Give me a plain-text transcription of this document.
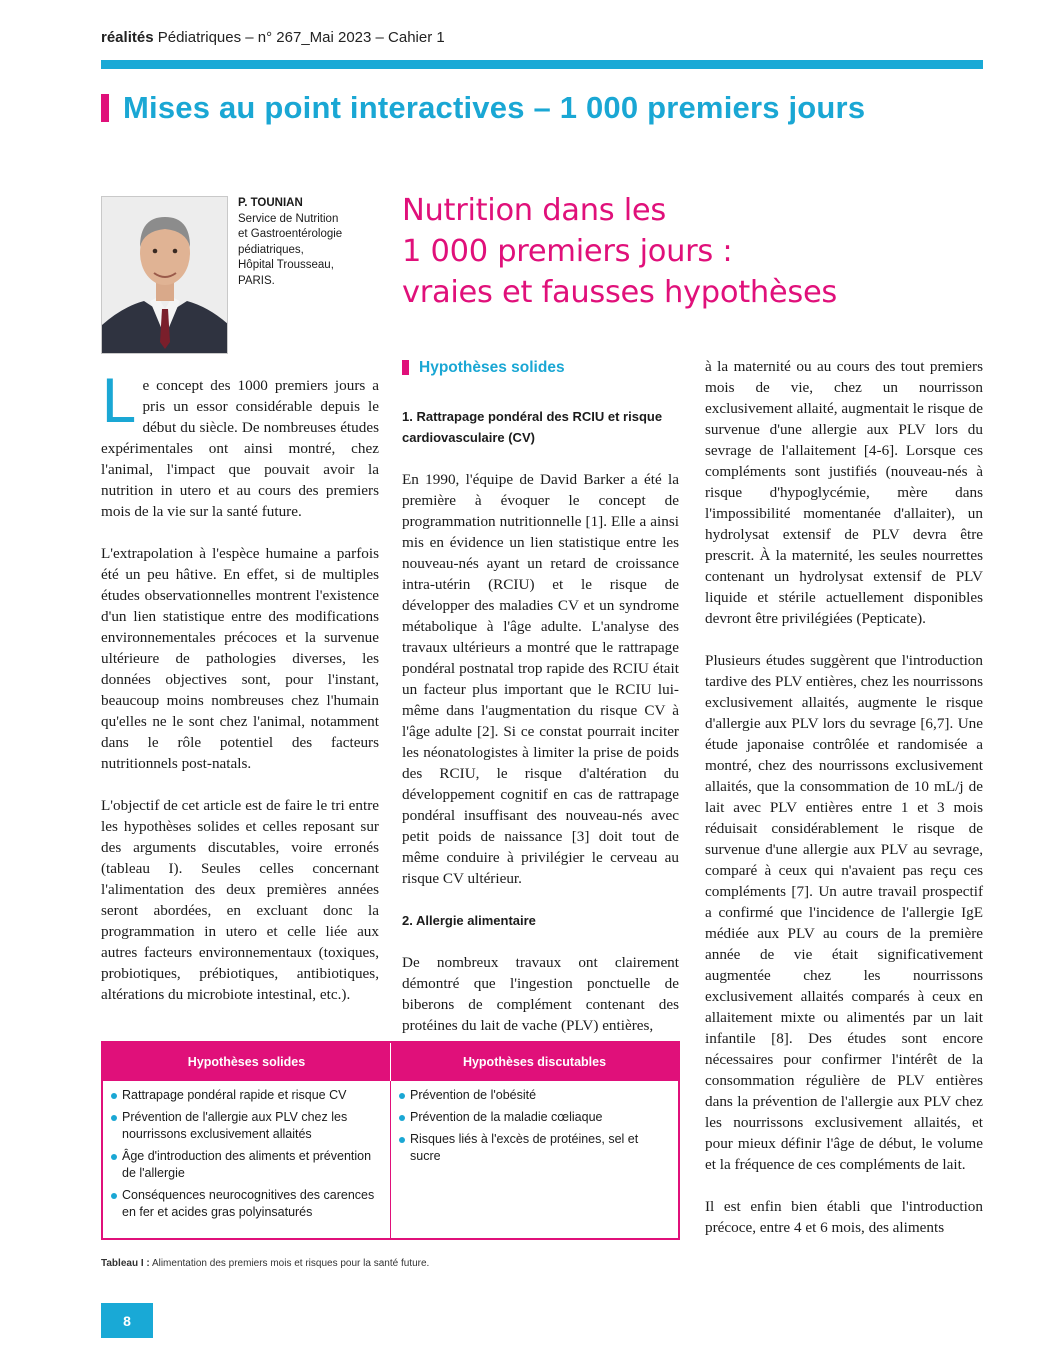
réalités Pédiatriques – n° 267_Mai 2023 – Cahier 1
Mises au point interactives – 1 000 premiers jours
P. TOUNIAN
Service de Nutrition
et Gastroentérologie
pédiatriques,
Hôpital Trousseau,
PARIS.
Nutrition dans les
1 000 premiers jours :
vraies et fausses hypothèses

Le concept des 1000 premiers jours a pris un essor considérable depuis le début du siècle. De nombreuses études expérimentales ont ainsi montré, chez l'animal, l'impact que pouvait avoir la nutrition in utero et au cours des premiers mois de la vie sur la santé future.

L'extrapolation à l'espèce humaine a parfois été un peu hâtive. En effet, si de multiples études observationnelles montrent l'existence d'un lien statistique entre des modifications environnementales précoces et la survenue ultérieure de pathologies diverses, les données objectives sont, pour l'instant, beaucoup moins nombreuses chez l'humain qu'elles ne le sont chez l'animal, notamment dans le rôle potentiel des facteurs nutritionnels post-natals.

L'objectif de cet article est de faire le tri entre les hypothèses solides et celles reposant sur des arguments discutables, voire erronés (tableau I). Seules celles concernant l'alimentation des deux premières années seront abordées, en excluant donc la programmation in utero et celle liée aux autres facteurs environnementaux (toxiques, probiotiques, prébiotiques, antibiotiques, altérations du microbiote intestinal, etc.).

Hypothèses solides
1. Rattrapage pondéral des RCIU et risque cardiovasculaire (CV)

En 1990, l'équipe de David Barker a été la première à évoquer le concept de programmation nutritionnelle [1]. Elle a ainsi mis en évidence un lien statistique entre les nouveau-nés ayant un retard de croissance intra-utérin (RCIU) et le risque de développer des maladies CV et un syndrome métabolique à l'âge adulte. L'analyse des travaux ultérieurs a montré que le rattrapage pondéral postnatal trop rapide des RCIU était un facteur plus important que le RCIU lui-même dans l'augmentation du risque CV à l'âge adulte [2]. Si ce constat pourrait inciter les néonatologistes à limiter la prise de poids des RCIU, le risque d'altération du développement cognitif en cas de rattrapage pondéral insuffisant des nouveau-nés avec petit poids de naissance [3] doit tout de même conduire à privilégier le cerveau au risque CV ultérieur.

2. Allergie alimentaire

De nombreux travaux ont clairement démontré que l'ingestion ponctuelle de biberons de complément contenant des protéines du lait de vache (PLV) entières,

à la maternité ou au cours des tout premiers mois de vie, chez un nourrisson exclusivement allaité, augmentait le risque de survenue d'une allergie aux PLV lors du sevrage de l'allaitement [4-6]. Lorsque ces compléments sont justifiés (nouveau-nés à risque d'hypoglycémie, mère dans l'impossibilité momentanée d'allaiter), un hydrolysat extensif de PLV devra être prescrit. À la maternité, les seules nourrettes contenant un hydrolysat extensif de PLV liquide et stérile actuellement disponibles devront être privilégiées (Pepticate).

Plusieurs études suggèrent que l'introduction tardive des PLV entières, chez les nourrissons exclusivement allaités, augmente le risque d'allergie aux PLV lors du sevrage [6,7]. Une étude japonaise contrôlée et randomisée a montré, chez des nourrissons exclusivement allaités, que la consommation de 10 mL/j de lait avec PLV entières entre 1 et 3 mois réduisait considérablement le risque de survenue d'une allergie aux PLV au sevrage, comparé à ceux qui n'avaient pas reçu ces compléments [7]. Un autre travail prospectif a confirmé que l'incidence de l'allergie IgE médiée aux PLV au cours de la première année de vie était significativement augmentée chez les nourrissons exclusivement allaités comparés à ceux en allaitement mixte ou alimentés par un lait infantile [8]. Des études sont encore nécessaires pour confirmer l'intérêt de la consommation régulière de PLV entières dans la prévention de l'allergie aux PLV chez les nourrissons exclusivement allaités, et pour mieux définir l'âge de début, le volume et la fréquence de ces compléments de lait.

Il est enfin bien établi que l'introduction précoce, entre 4 et 6 mois, des aliments

Hypothèses solides	Hypothèses discutables
Rattrapage pondéral rapide et risque CV
Prévention de l'allergie aux PLV chez les nourrissons exclusivement allaités
Âge d'introduction des aliments et prévention de l'allergie
Conséquences neurocognitives des carences en fer et acides gras polyinsaturés
Prévention de l'obésité
Prévention de la maladie cœliaque
Risques liés à l'excès de protéines, sel et sucre
Tableau I : Alimentation des premiers mois et risques pour la santé future.
8
